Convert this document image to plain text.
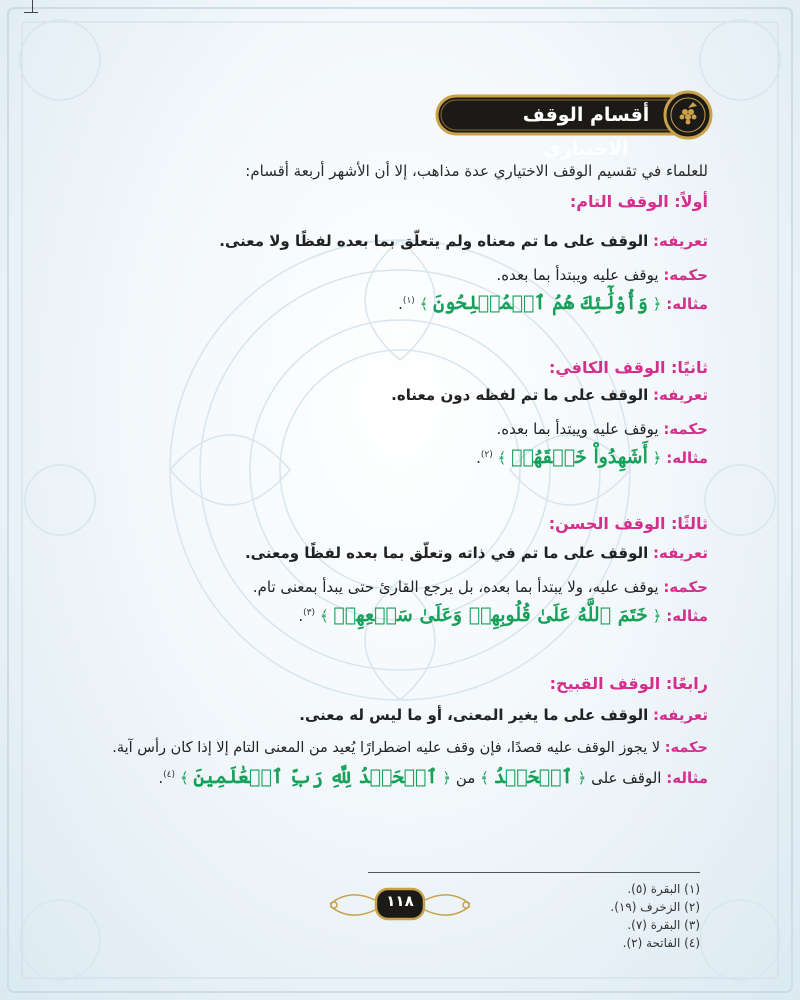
أقسام الوقف الاختياري
للعلماء في تقسيم الوقف الاختياري عدة مذاهب، إلا أن الأشهر أربعة أقسام:
أولاً: الوقف التام:
تعريفه: الوقف على ما تم معناه ولم يتعلّق بما بعده لفظًا ولا معنى.
حكمه: يوقف عليه ويبتدأ بما بعده.
مثاله: ﴿ وَأُوْلَٰٓئِكَ هُمُ ٱلۡمُفۡلِحُونَ ﴾ $^{(١)}$.
ثانيًا: الوقف الكافي:
تعريفه: الوقف على ما تم لفظه دون معناه.
حكمه: يوقف عليه ويبتدأ بما بعده.
مثاله: ﴿ أَشَهِدُواْ خَلۡقَهُمۡ ﴾ $^{(٢)}$.
ثالثًا: الوقف الحسن:
تعريفه: الوقف على ما تم في ذاته وتعلّق بما بعده لفظًا ومعنى.
حكمه: يوقف عليه، ولا يبتدأ بما بعده، بل يرجع القارئ حتى يبدأ بمعنى تام.
مثاله: ﴿ خَتَمَ ٱللَّهُ عَلَىٰ قُلُوبِهِمۡ وَعَلَىٰ سَمۡعِهِمۡ ﴾ $^{(٣)}$.
رابعًا: الوقف القبيح:
تعريفه: الوقف على ما يغير المعنى، أو ما ليس له معنى.
حكمه: لا يجوز الوقف عليه قصدًا، فإن وقف عليه اضطرارًا يُعيد من المعنى التام إلا إذا كان رأس آية.
مثاله: الوقف على ﴿ ٱلۡحَمۡدُ ﴾ من ﴿ ٱلۡحَمۡدُ لِلَّهِ رَبِّ ٱلۡعَٰلَمِينَ ﴾ $^{(٤)}$.
(١) البقرة (٥).
(٢) الزخرف (١٩).
(٣) البقرة (٧).
(٤) الفاتحة (٢).
١١٨
